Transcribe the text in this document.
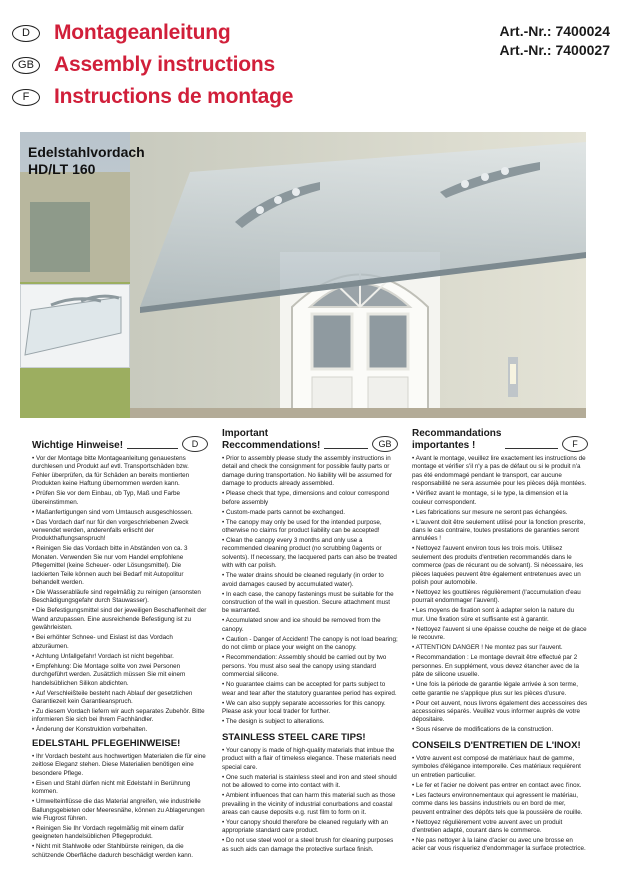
D	Montageanleitung
GB Assembly instructions
F	Instructions de montage
Art.-Nr.: 7400024
Art.-Nr.: 7400027
Edelstahlvordach
HD/LT 160
Wichtige Hinweise!	D

• Vor der Montage bitte Montageanleitung genauestens durchlesen und Produkt auf evtl. Transportschäden bzw. Fehler überprüfen, da für Schäden an bereits montierten Produkten keine Haftung übernommen werden kann.

• Prüfen Sie vor dem Einbau, ob Typ, Maß und Farbe übereinstimmen.

• Maßanfertigungen sind vom Umtausch ausgeschlossen.

• Das Vordach darf nur für den vorgeschriebenen Zweck verwendet werden, anderenfalls erlischt der Produkthaftungsanspruch!

• Reinigen Sie das Vordach bitte in Abständen von ca. 3 Monaten. Verwenden Sie nur vom Handel empfohlene Pflegemittel (keine Scheuer- oder Lösungsmittel). Die lackierten Teile können auch bei Bedarf mit Autopolitur behandelt werden.

• Die Wasserabläufe sind regelmäßig zu reinigen (ansonsten Beschädigungsgefahr durch Stauwasser).

• Die Befestigungsmittel sind der jeweiligen Beschaffenheit der Wand anzupassen. Eine ausreichende Befestigung ist zu gewährleisten.

• Bei erhöhter Schnee- und Eislast ist das Vordach abzuräumen.

• Achtung Unfallgefahr! Vordach ist nicht begehbar.

• Empfehlung: Die Montage sollte von zwei Personen durchgeführt werden. Zusätzlich müssen Sie mit einem handelsüblichen Silikon abdichten.

• Auf Verschleißteile besteht nach Ablauf der gesetzlichen Garantiezeit kein Garantieanspruch.

• Zu diesem Vordach liefern wir auch separates Zubehör. Bitte informieren Sie sich bei Ihrem Fachhändler.

• Änderung der Konstruktion vorbehalten.

Important
Reccommendations!	GB

• Prior to assembly please study the assembly instructions in detail and check the consignment for possible faulty parts or damage during transportation. No liability will be assumed for damage to products already assembled.

• Please check that type, dimensions and colour correspond before assembly

• Custom-made parts cannot be exchanged.

• The canopy may only be used for the intended purpose, otherwise no claims for product liability can be accepted!

• Clean the canopy every 3 months and only use a recommended cleaning product (no scrubbing 0agents or solvents). If necessary, the lacquered parts can also be treated with with car polish.

• The water drains should be cleaned regularly (in order to avoid damages caused by accumulated water).

• In each case, the canopy fastenings must be suitable for the construction of the wall in question. Secure attachment must be warranted.

• Accumulated snow and ice should be removed from the canopy.

• Caution - Danger of Accident! The canopy is not load bearing; do not climb or place your weight on the canopy.

• Recommendation: Assembly should be carried out by two persons. You must also seal the canopy using standard commercial silicone.

• No guarantee claims can be accepted for parts subject to wear and tear after the statutory guarantee period has expired.

• We can also supply separate accessories for this canopy. Please ask your local trader for further.

• The design is subject to alterations.

Recommandations
importantes !	F

• Avant le montage, veuillez lire exactement les instructions de montage et vérifier s'il n'y a pas de défaut ou si le produit n'a pas été endommagé pendant le transport, car aucune responsabilité ne sera assumée pour les pièces déjà montées.

• Vérifiez avant le montage, si le type, la dimension et la couleur correspondent.

• Les fabrications sur mesure ne seront pas échangées.

• L'auvent doit être seulement utilisé pour la fonction prescrite, dans le cas contraire, toutes prestations de garanties seront annulées !

• Nettoyez l'auvent environ tous les trois mois. Utilisez seulement des produits d'entretien recommandés dans le commerce (pas de récurant ou de solvant). Si nécessaire, les pièces laquées peuvent être également entretenues avec un polish pour automobile.

• Nettoyez les gouttières régulièrement (l'accumulation d'eau pourrait endommager l'auvent).

• Les moyens de fixation sont à adapter selon la nature du mur. Une fixation sûre et suffisante est à garantir.

• Nettoyez l'auvent si une épaisse couche de neige et de glace le recouvre.

• ATTENTION DANGER ! Ne montez pas sur l'auvent.

• Recommandation : Le montage devrait être effectué par 2 personnes. En supplément, vous devez étancher avec de la pâte de silicone usuelle.

• Une fois la période de garantie légale arrivée à son terme, cette garantie ne s'applique plus sur les pièces d'usure.

• Pour cet auvent, nous livrons également des accessoires des accessoires séparés. Veuillez vous informer auprès de votre dépositaire.

• Sous réserve de modifications de la construction.

EDELSTAHL PFLEGEHINWEISE!

• Ihr Vordach besteht aus hochwertigen Materialen die für eine zeitlose Eleganz stehen. Diese Materialien benötigen eine besondere Pflege.

• Eisen und Stahl dürfen nicht mit Edelstahl in Berührung kommen.

• Umwelteinflüsse die das Material angreifen, wie industrielle Ballungsgebieten oder Meeresnähe, können zu Ablagerungen wie Flugrost führen.

• Reinigen Sie Ihr Vordach regelmäßig mit einem dafür geeigneten handelsüblichen Pflegeprodukt.

• Nicht mit Stahlwolle oder Stahlbürste reinigen, da die schützende Oberfläche dadurch beschädigt werden kann.

STAINLESS STEEL CARE TIPS!

• Your canopy is made of high-quality materials that imbue the product with a flair of timeless elegance. These materials need special care.

• One such material is stainless steel and iron and steel should not be allowed to come into contact with it.

• Ambient influences that can harm this material such as those prevailing in the vicinity of industrial conurbations and coastal areas can cause deposits e.g. rust film to form on it.

• Your canopy should therefore be cleaned regularly with an appropriate standard care product.

• Do not use steel wool or a steel brush for cleaning purposes as such aids can damage the protective surface finish.

CONSEILS D'ENTRETIEN DE L'INOX!

• Votre auvent est composé de matériaux haut de gamme, symboles d'élégance intemporelle. Ces matériaux requièrent un entretien particulier.

• Le fer et l'acier ne doivent pas entrer en contact avec l'inox.

• Les facteurs environnementaux qui agressent le matériau, comme dans les bassins industriels ou en bord de mer, peuvent entraîner des dépôts tels que la poussière de rouille.

• Nettoyez régulièrement votre auvent avec un produit d'entretien adapté, courant dans le commerce.

• Ne pas nettoyer à la laine d'acier ou avec une brosse en acier car vous risqueriez d'endommager la surface protectrice.
